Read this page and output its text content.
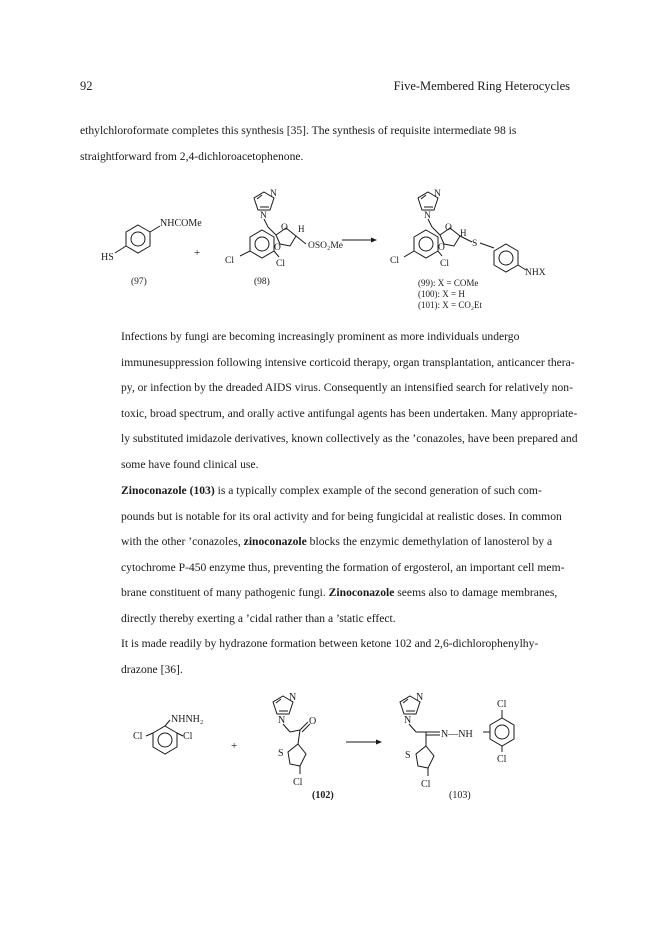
92	Five-Membered Ring Heterocycles
ethylchloroformate completes this synthesis [35]. The synthesis of requisite intermediate 98 is
straightforward from 2,4-dichloroacetophenone.
NHCOMe
HS
(97)
+
N
N
O
O
H
OSO₂Me
Cl	Cl
(98)
N
N
O
O
H
S
NHX
Cl	Cl
(99): X = COMe
(100): X = H
(101): X = CO₂Et
Infections by fungi are becoming increasingly prominent as more individuals undergo
immunesuppression following intensive corticoid therapy, organ transplantation, anticancer thera-
py, or infection by the dreaded AIDS virus. Consequently an intensified search for relatively non-
toxic, broad spectrum, and orally active antifungal agents has been undertaken. Many appropriate-
ly substituted imidazole derivatives, known collectively as the ’conazoles, have been prepared and
some have found clinical use.
Zinoconazole (103) is a typically complex example of the second generation of such com-
pounds but is notable for its oral activity and for being fungicidal at realistic doses. In common
with the other ’conazoles, zinoconazole blocks the enzymic demethylation of lanosterol by a
cytochrome P-450 enzyme thus, preventing the formation of ergosterol, an important cell mem-
brane constituent of many pathogenic fungi. Zinoconazole seems also to damage membranes,
directly thereby exerting a ’cidal rather than a ’static effect.
It is made readily by hydrazone formation between ketone 102 and 2,6-dichlorophenylhy-
drazone [36].
NHNH₂
Cl	Cl
+
N
N O
S
Cl
(102)
N
N
N—NH
S
Cl
Cl
Cl
(103)
